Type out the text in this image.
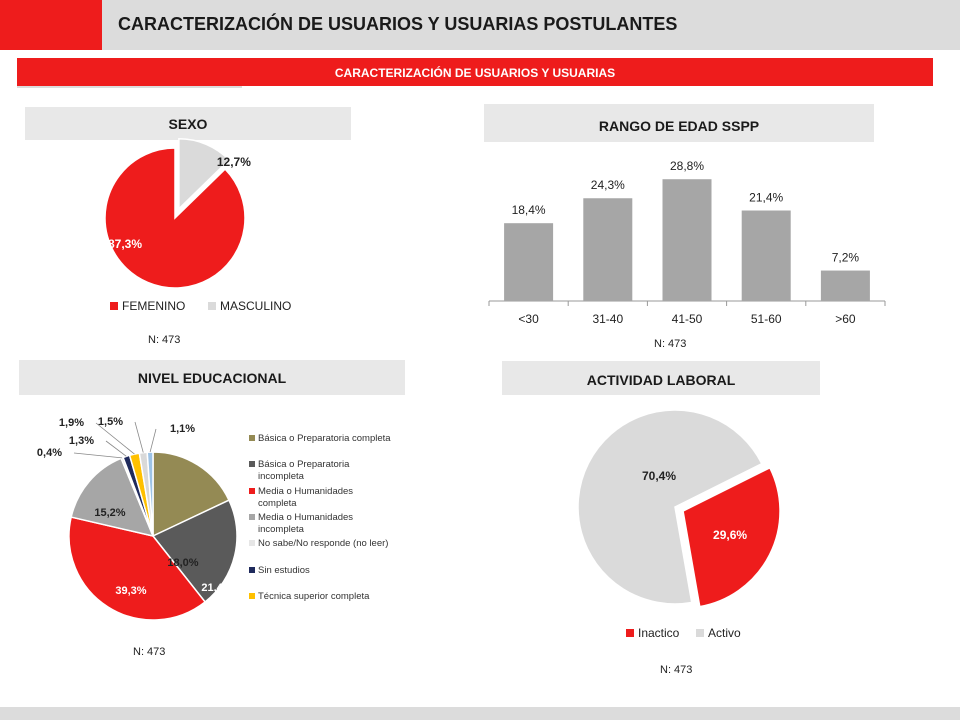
CARACTERIZACIÓN DE USUARIOS Y USUARIAS POSTULANTES
CARACTERIZACIÓN DE USUARIOS Y USUARIAS
SEXO	RANGO DE EDAD SSPP
NIVEL EDUCACIONAL	ACTIVIDAD LABORAL
87,3%
12,7%
FEMENINO	MASCULINO
N: 473
18,4%
<30
24,3%
31-40
28,8%
41-50
21,4%
51-60
7,2%
>60
N: 473
18,0%
21,4%
39,3%
15,2%
0,4%
1,3%
1,9% 1,5%
1,1%
Básica o Preparatoria completa
Básica o Preparatoria
incompleta
Media o Humanidades
completa
Media o Humanidades
incompleta
No sabe/No responde (no leer)
Sin estudios
Técnica superior completa
N: 473
29,6%
70,4%
Inactico Activo
N: 473
